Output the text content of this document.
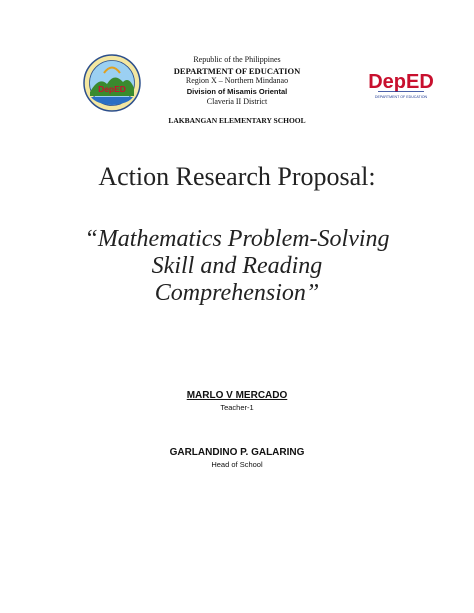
DepED
Republic of the Philippines
DEPARTMENT OF EDUCATION
Region X – Northern Mindanao
Division of Misamis Oriental
Claveria II District
DepED
DEPARTMENT OF EDUCATION
LAKBANGAN ELEMENTARY SCHOOL
Action Research Proposal:
“Mathematics Problem-Solving
Skill and Reading
Comprehension”
MARLO V MERCADO
Teacher-1
GARLANDINO P. GALARING
Head of School
